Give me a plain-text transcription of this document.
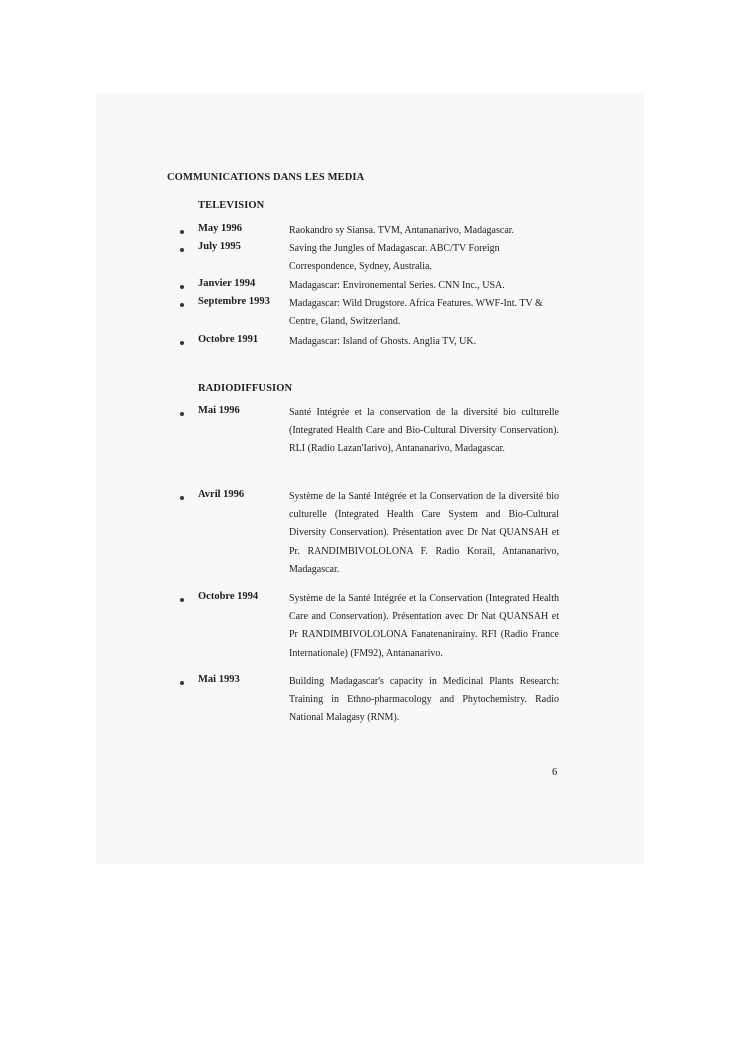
COMMUNICATIONS DANS LES MEDIA
TELEVISION
May 1996	Raokandro sy Siansa. TVM, Antananarivo, Madagascar.
July 1995	Saving the Jungles of Madagascar. ABC/TV Foreign Correspondence, Sydney, Australia.
Janvier 1994	Madagascar: Environemental Series. CNN Inc., USA.
Septembre 1993 Madagascar: Wild Drugstore. Africa Features. WWF-Int. TV & Centre, Gland, Switzerland.
Octobre 1991	Madagascar: Island of Ghosts. Anglia TV, UK.
RADIODIFFUSION
Mai 1996	Santé Intégrée et la conservation de la diversité bio culturelle (Integrated Health Care and Bio-Cultural Diversity Conservation). RLI (Radio Lazan'Iarivo), Antananarivo, Madagascar.
Avril 1996	Système de la Santé Intégrée et la Conservation de la diversité bio culturelle (Integrated Health Care System and Bio-Cultural Diversity Conservation). Présentation avec Dr Nat QUANSAH et Pr. RANDIMBIVOLOLONA F. Radio Korail, Antananarivo, Madagascar.
Octobre 1994	Système de la Santé Intégrée et la Conservation (Integrated Health Care and Conservation). Présentation avec Dr Nat QUANSAH et Pr RANDIMBIVOLOLONA Fanatenanirainy. RFI (Radio France Internationale) (FM92), Antananarivo.
Mai 1993	Building Madagascar's capacity in Medicinal Plants Research: Training in Ethno-pharmacology and Phytochemistry. Radio National Malagasy (RNM).
6
